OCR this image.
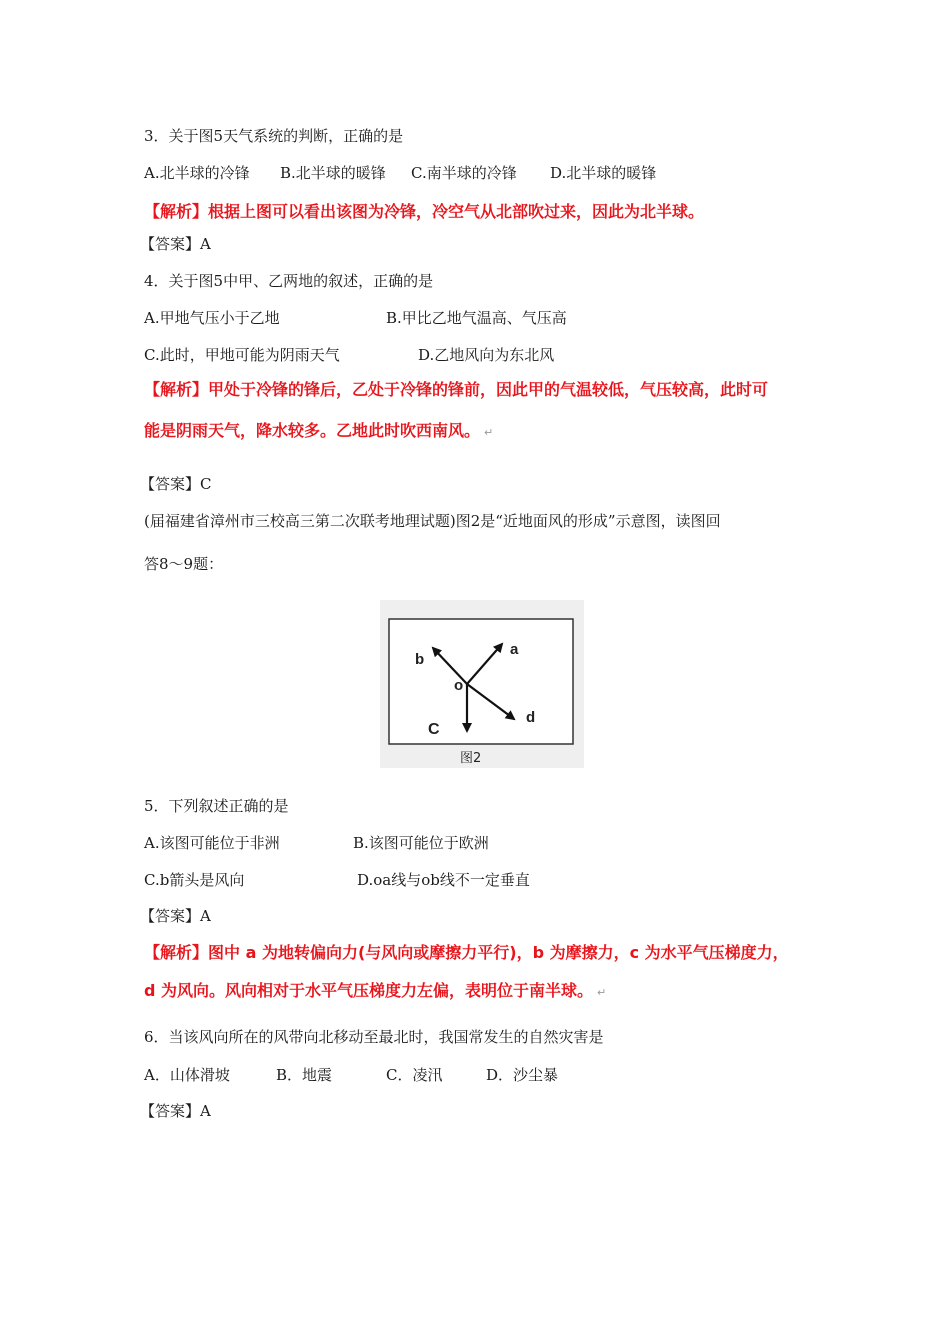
3．关于图5天气系统的判断，正确的是
A.北半球的冷锋 B.北半球的暖锋 C.南半球的冷锋 D.北半球的暖锋
【解析】根据上图可以看出该图为冷锋，冷空气从北部吹过来，因此为北半球。
【答案】A
4．关于图5中甲、乙两地的叙述，正确的是
A.甲地气压小于乙地	B.甲比乙地气温高、气压高
C.此时，甲地可能为阴雨天气	D.乙地风向为东北风
【解析】甲处于冷锋的锋后，乙处于冷锋的锋前，因此甲的气温较低，气压较高，此时可
能是阴雨天气，降水较多。乙地此时吹西南风。 ↵
【答案】C
(届福建省漳州市三校高三第二次联考地理试题)图2是“近地面风的形成”示意图，读图回
答8～9题：
a
b
o
C
d
图2
5．下列叙述正确的是
A.该图可能位于非洲	B.该图可能位于欧洲
C.b箭头是风向	D.oa线与ob线不一定垂直
【答案】A
【解析】图中 a 为地转偏向力(与风向或摩擦力平行)，b 为摩擦力，c 为水平气压梯度力，
d 为风向。风向相对于水平气压梯度力左偏，表明位于南半球。 ↵
6．当该风向所在的风带向北移动至最北时，我国常发生的自然灾害是
A．山体滑坡	B．地震	C．凌汛	D．沙尘暴
【答案】A
